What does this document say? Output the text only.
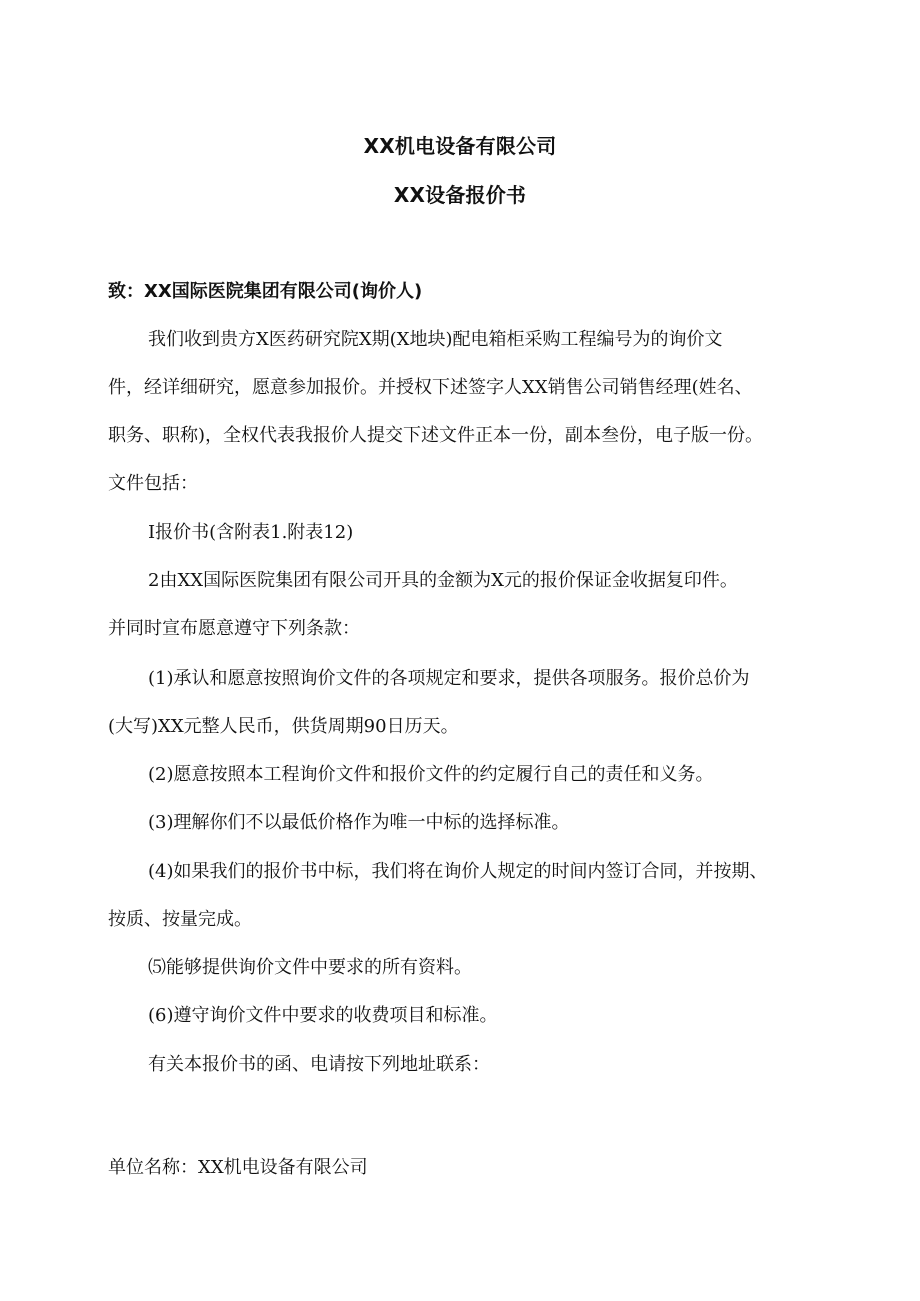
XX机电设备有限公司
XX设备报价书
致：XX国际医院集团有限公司(询价人)
我们收到贵方X医药研究院X期(X地块)配电箱柜采购工程编号为的询价文
件，经详细研究，愿意参加报价。并授权下述签字人XX销售公司销售经理(姓名、
职务、职称)，全权代表我报价人提交下述文件正本一份，副本叁份，电子版一份。
文件包括：
I报价书(含附表1.附表12)
2由XX国际医院集团有限公司开具的金额为X元的报价保证金收据复印件。
并同时宣布愿意遵守下列条款：
(1)承认和愿意按照询价文件的各项规定和要求，提供各项服务。报价总价为
(大写)XX元整人民币，供货周期90日历天。
(2)愿意按照本工程询价文件和报价文件的约定履行自己的责任和义务。
(3)理解你们不以最低价格作为唯一中标的选择标准。
(4)如果我们的报价书中标，我们将在询价人规定的时间内签订合同，并按期、
按质、按量完成。
⑸能够提供询价文件中要求的所有资料。
(6)遵守询价文件中要求的收费项目和标准。
有关本报价书的函、电请按下列地址联系：
单位名称：XX机电设备有限公司
